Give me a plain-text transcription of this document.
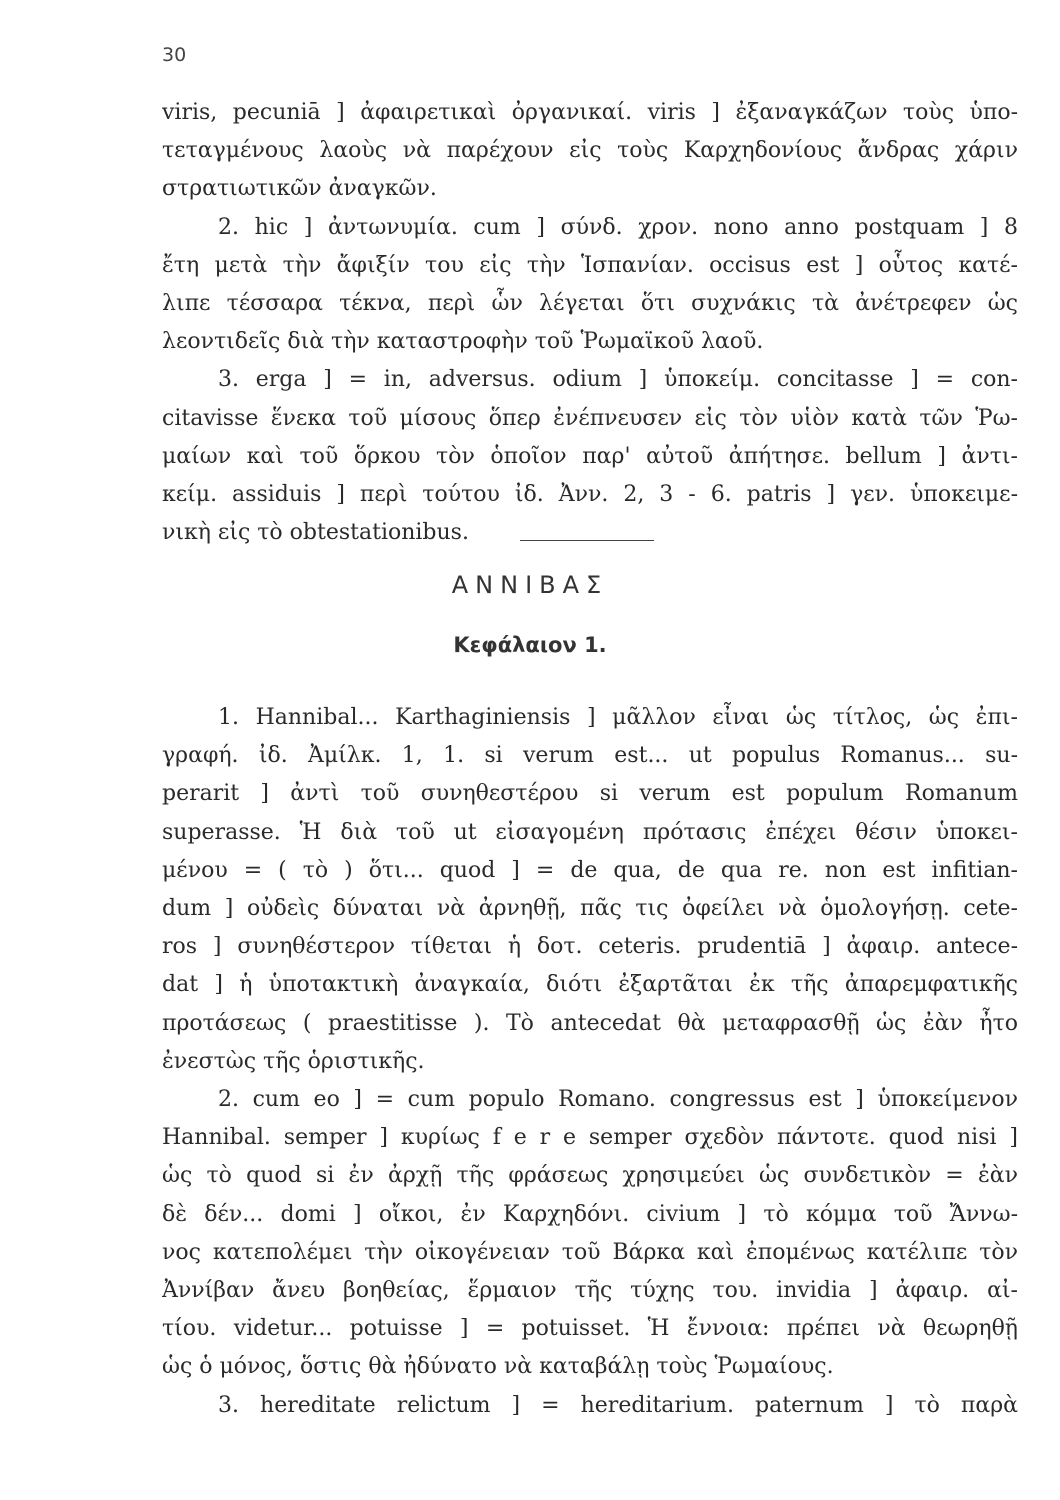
30
viris, pecuniā ] ἀφαιρετικαὶ ὀργανικαί. viris ] ἐξαναγκάζων τοὺς ὑπο-
τεταγμένους λαοὺς νὰ παρέχουν εἰς τοὺς Καρχηδονίους ἄνδρας χάριν
στρατιωτικῶν ἀναγκῶν.
2. hic ] ἀντωνυμία. cum ] σύνδ. χρον. nono anno postquam ] 8
ἔτη μετὰ τὴν ἄφιξίν του εἰς τὴν Ἱσπανίαν. occisus est ] οὗτος κατέ-
λιπε τέσσαρα τέκνα, περὶ ὧν λέγεται ὅτι συχνάκις τὰ ἀνέτρεφεν ὡς
λεοντιδεῖς διὰ τὴν καταστροφὴν τοῦ Ῥωμαϊκοῦ λαοῦ.
3. erga ] = in, adversus. odium ] ὑποκείμ. concitasse ] = con-
citavisse ἕνεκα τοῦ μίσους ὅπερ ἐνέπνευσεν εἰς τὸν υἱὸν κατὰ τῶν Ῥω-
μαίων καὶ τοῦ ὅρκου τὸν ὁποῖον παρ' αὐτοῦ ἀπήτησε. bellum ] ἀντι-
κείμ. assiduis ] περὶ τούτου ἰδ. Ἀνν. 2, 3 - 6. patris ] γεν. ὑποκειμε-
νικὴ εἰς τὸ obtestationibus.
ΑΝΝΙΒΑΣ
Κεφάλαιον 1.
1. Hannibal... Karthaginiensis ] μᾶλλον εἶναι ὡς τίτλος, ὡς ἐπι-
γραφή. ἰδ. Ἀμίλκ. 1, 1. si verum est... ut populus Romanus... su-
perarit ] ἀντὶ τοῦ συνηθεστέρου si verum est populum Romanum
superasse. Ἡ διὰ τοῦ ut εἰσαγομένη πρότασις ἐπέχει θέσιν ὑποκει-
μένου = ( τὸ ) ὅτι... quod ] = de qua, de qua re. non est infitian-
dum ] οὐδεὶς δύναται νὰ ἀρνηθῇ, πᾶς τις ὀφείλει νὰ ὁμολογήσῃ. cete-
ros ] συνηθέστερον τίθεται ἡ δοτ. ceteris. prudentiā ] ἀφαιρ. antece-
dat ] ἡ ὑποτακτικὴ ἀναγκαία, διότι ἐξαρτᾶται ἐκ τῆς ἀπαρεμφατικῆς
προτάσεως ( praestitisse ). Τὸ antecedat θὰ μεταφρασθῇ ὡς ἐὰν ἦτο
ἐνεστὼς τῆς ὁριστικῆς.
2. cum eo ] = cum populo Romano. congressus est ] ὑποκείμενον
Hannibal. semper ] κυρίως f e r e semper σχεδὸν πάντοτε. quod nisi ]
ὡς τὸ quod si ἐν ἀρχῇ τῆς φράσεως χρησιμεύει ὡς συνδετικὸν = ἐὰν
δὲ δέν... domi ] οἴκοι, ἐν Καρχηδόνι. civium ] τὸ κόμμα τοῦ Ἄννω-
νος κατεπολέμει τὴν οἰκογένειαν τοῦ Βάρκα καὶ ἐπομένως κατέλιπε τὸν
Ἀννίβαν ἄνευ βοηθείας, ἕρμαιον τῆς τύχης του. invidia ] ἀφαιρ. αἰ-
τίου. videtur... potuisse ] = potuisset. Ἡ ἔννοια: πρέπει νὰ θεωρηθῇ
ὡς ὁ μόνος, ὅστις θὰ ἠδύνατο νὰ καταβάλῃ τοὺς Ῥωμαίους.
3. hereditate relictum ] = hereditarium. paternum ] τὸ παρὰ
